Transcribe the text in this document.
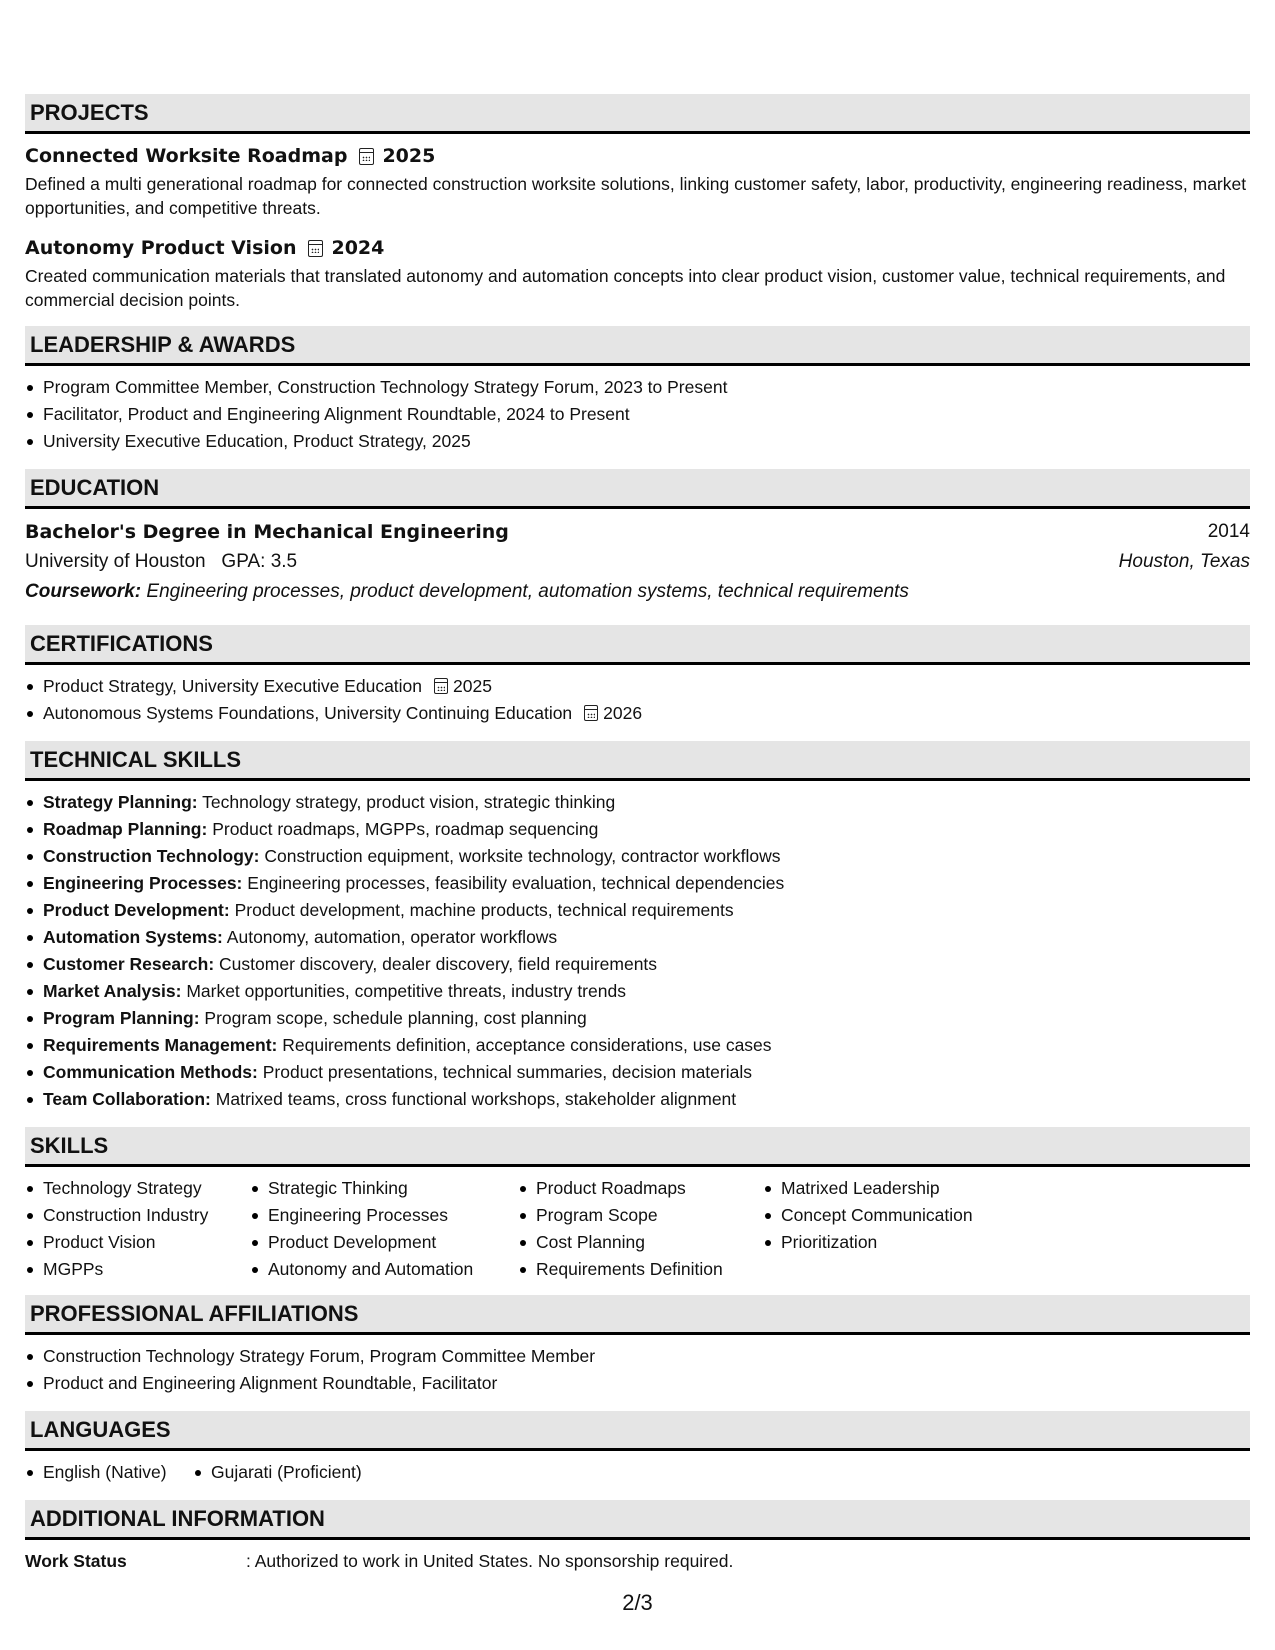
PROJECTS
Connected Worksite Roadmap 2025

Defined a multi generational roadmap for connected construction worksite solutions, linking customer safety, labor, productivity, engineering readiness, market opportunities, and competitive threats.

Autonomy Product Vision 2024

Created communication materials that translated autonomy and automation concepts into clear product vision, customer value, technical requirements, and commercial decision points.

LEADERSHIP & AWARDS
Program Committee Member, Construction Technology Strategy Forum, 2023 to Present
Facilitator, Product and Engineering Alignment Roundtable, 2024 to Present
University Executive Education, Product Strategy, 2025
EDUCATION
Bachelor's Degree in Mechanical Engineering	2014
University of Houston GPA: 3.5	Houston, Texas
Coursework: Engineering processes, product development, automation systems, technical requirements
CERTIFICATIONS
Product Strategy, University Executive Education 2025
Autonomous Systems Foundations, University Continuing Education 2026
TECHNICAL SKILLS
Strategy Planning: Technology strategy, product vision, strategic thinking
Roadmap Planning: Product roadmaps, MGPPs, roadmap sequencing
Construction Technology: Construction equipment, worksite technology, contractor workflows
Engineering Processes: Engineering processes, feasibility evaluation, technical dependencies
Product Development: Product development, machine products, technical requirements
Automation Systems: Autonomy, automation, operator workflows
Customer Research: Customer discovery, dealer discovery, field requirements
Market Analysis: Market opportunities, competitive threats, industry trends
Program Planning: Program scope, schedule planning, cost planning
Requirements Management: Requirements definition, acceptance considerations, use cases
Communication Methods: Product presentations, technical summaries, decision materials
Team Collaboration: Matrixed teams, cross functional workshops, stakeholder alignment
SKILLS
Technology Strategy
Construction Industry
Product Vision
MGPPs
Strategic Thinking
Engineering Processes
Product Development
Autonomy and Automation
Product Roadmaps
Program Scope
Cost Planning
Requirements Definition
Matrixed Leadership
Concept Communication
Prioritization
PROFESSIONAL AFFILIATIONS
Construction Technology Strategy Forum, Program Committee Member
Product and Engineering Alignment Roundtable, Facilitator
LANGUAGES
English (Native)	Gujarati (Proficient)
ADDITIONAL INFORMATION
Work Status	: Authorized to work in United States. No sponsorship required.
2/3
